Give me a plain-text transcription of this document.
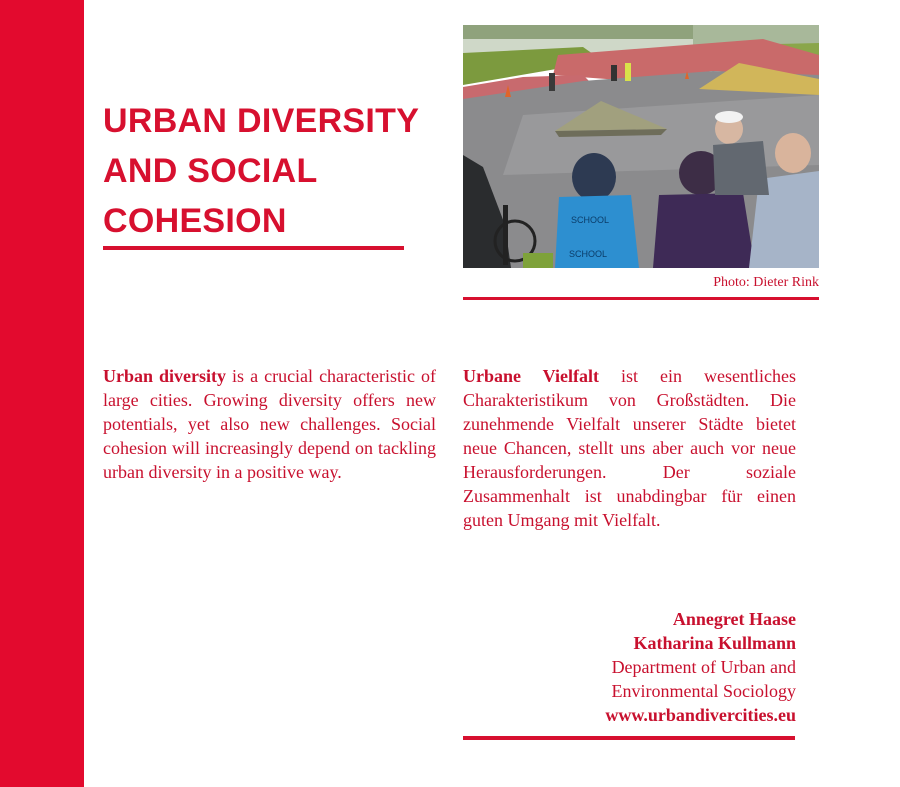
URBAN DIVERSITY
AND SOCIAL
COHESION	SCHOOL
SCHOOL
Photo: Dieter Rink

Urban diversity is a crucial characteristic of large cities. Growing diversity offers new potentials, yet also new challenges. Social cohesion will increasingly depend on tackling urban diversity in a positive way.

Urbane Vielfalt ist ein wesentliches Charakteristikum von Großstädten. Die zunehmende Vielfalt unserer Städte bietet neue Chancen, stellt uns aber auch vor neue Herausforderungen. Der soziale Zusammenhalt ist unabdingbar für einen guten Umgang mit Vielfalt.

Annegret Haase
Katharina Kullmann
Department of Urban and
Environmental Sociology
www.urbandivercities.eu
